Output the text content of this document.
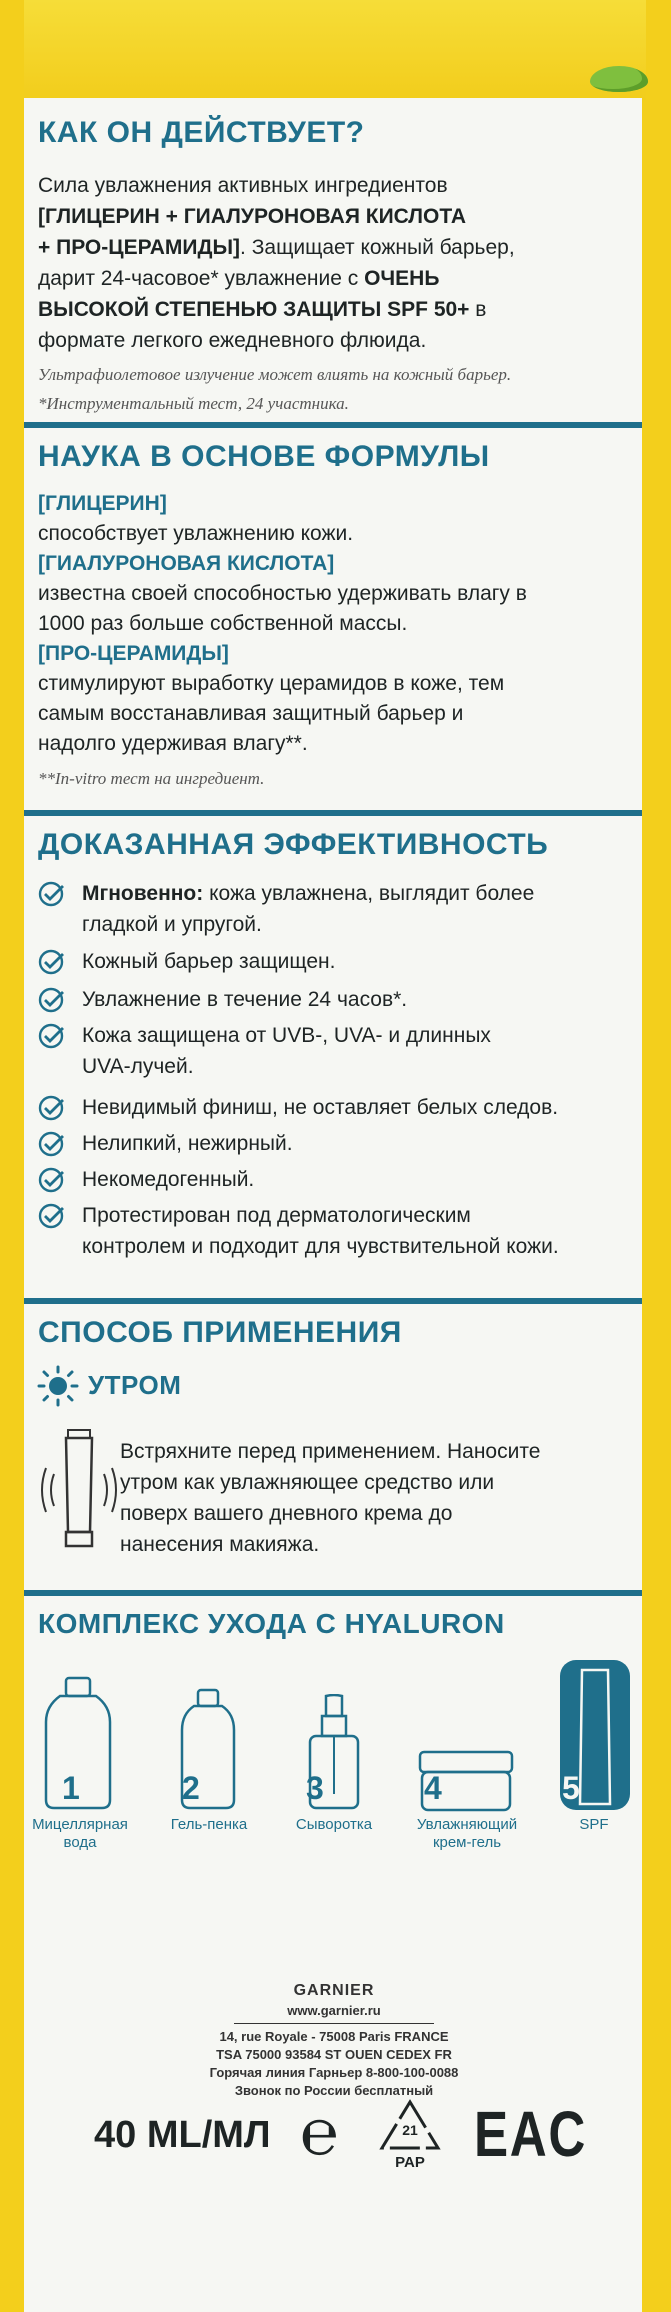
КАК ОН ДЕЙСТВУЕТ?
Сила увлажнения активных ингредиентов
[ГЛИЦЕРИН + ГИАЛУРОНОВАЯ КИСЛОТА
+ ПРО-ЦЕРАМИДЫ]. Защищает кожный барьер,
дарит 24-часовое* увлажнение с ОЧЕНЬ
ВЫСОКОЙ СТЕПЕНЬЮ ЗАЩИТЫ SPF 50+ в
формате легкого ежедневного флюида.
Ультрафиолетовое излучение может влиять на кожный барьер.
*Инструментальный тест, 24 участника.
НАУКА В ОСНОВЕ ФОРМУЛЫ
[ГЛИЦЕРИН]
способствует увлажнению кожи.
[ГИАЛУРОНОВАЯ КИСЛОТА]
известна своей способностью удерживать влагу в
1000 раз больше собственной массы.
[ПРО-ЦЕРАМИДЫ]
стимулируют выработку церамидов в коже, тем
самым восстанавливая защитный барьер и
надолго удерживая влагу**.
**In-vitro тест на ингредиент.
ДОКАЗАННАЯ ЭФФЕКТИВНОСТЬ
Мгновенно: кожа увлажнена, выглядит более
гладкой и упругой.
Кожный барьер защищен.
Увлажнение в течение 24 часов*.
Кожа защищена от UVB-, UVA- и длинных
UVA-лучей.
Невидимый финиш, не оставляет белых следов.
Нелипкий, нежирный.
Некомедогенный.
Протестирован под дерматологическим
контролем и подходит для чувствительной кожи.
СПОСОБ ПРИМЕНЕНИЯ
УТРОМ
Встряхните перед применением. Наносите
утром как увлажняющее средство или
поверх вашего дневного крема до
нанесения макияжа.
КОМПЛЕКС УХОДА С HYALURON
1
Мицеллярная
вода
2
Гель-пенка

3
Сыворотка

4
Увлажняющий
крем-гель
5
SPF

GARNIER
www.garnier.ru
14, rue Royale - 75008 Paris FRANCE
TSA 75000 93584 ST OUEN CEDEX FR
Горячая линия Гарньер 8-800-100-0088
Звонок по России бесплатный
40 ML/МЛ ℮	21
PAP EAC
